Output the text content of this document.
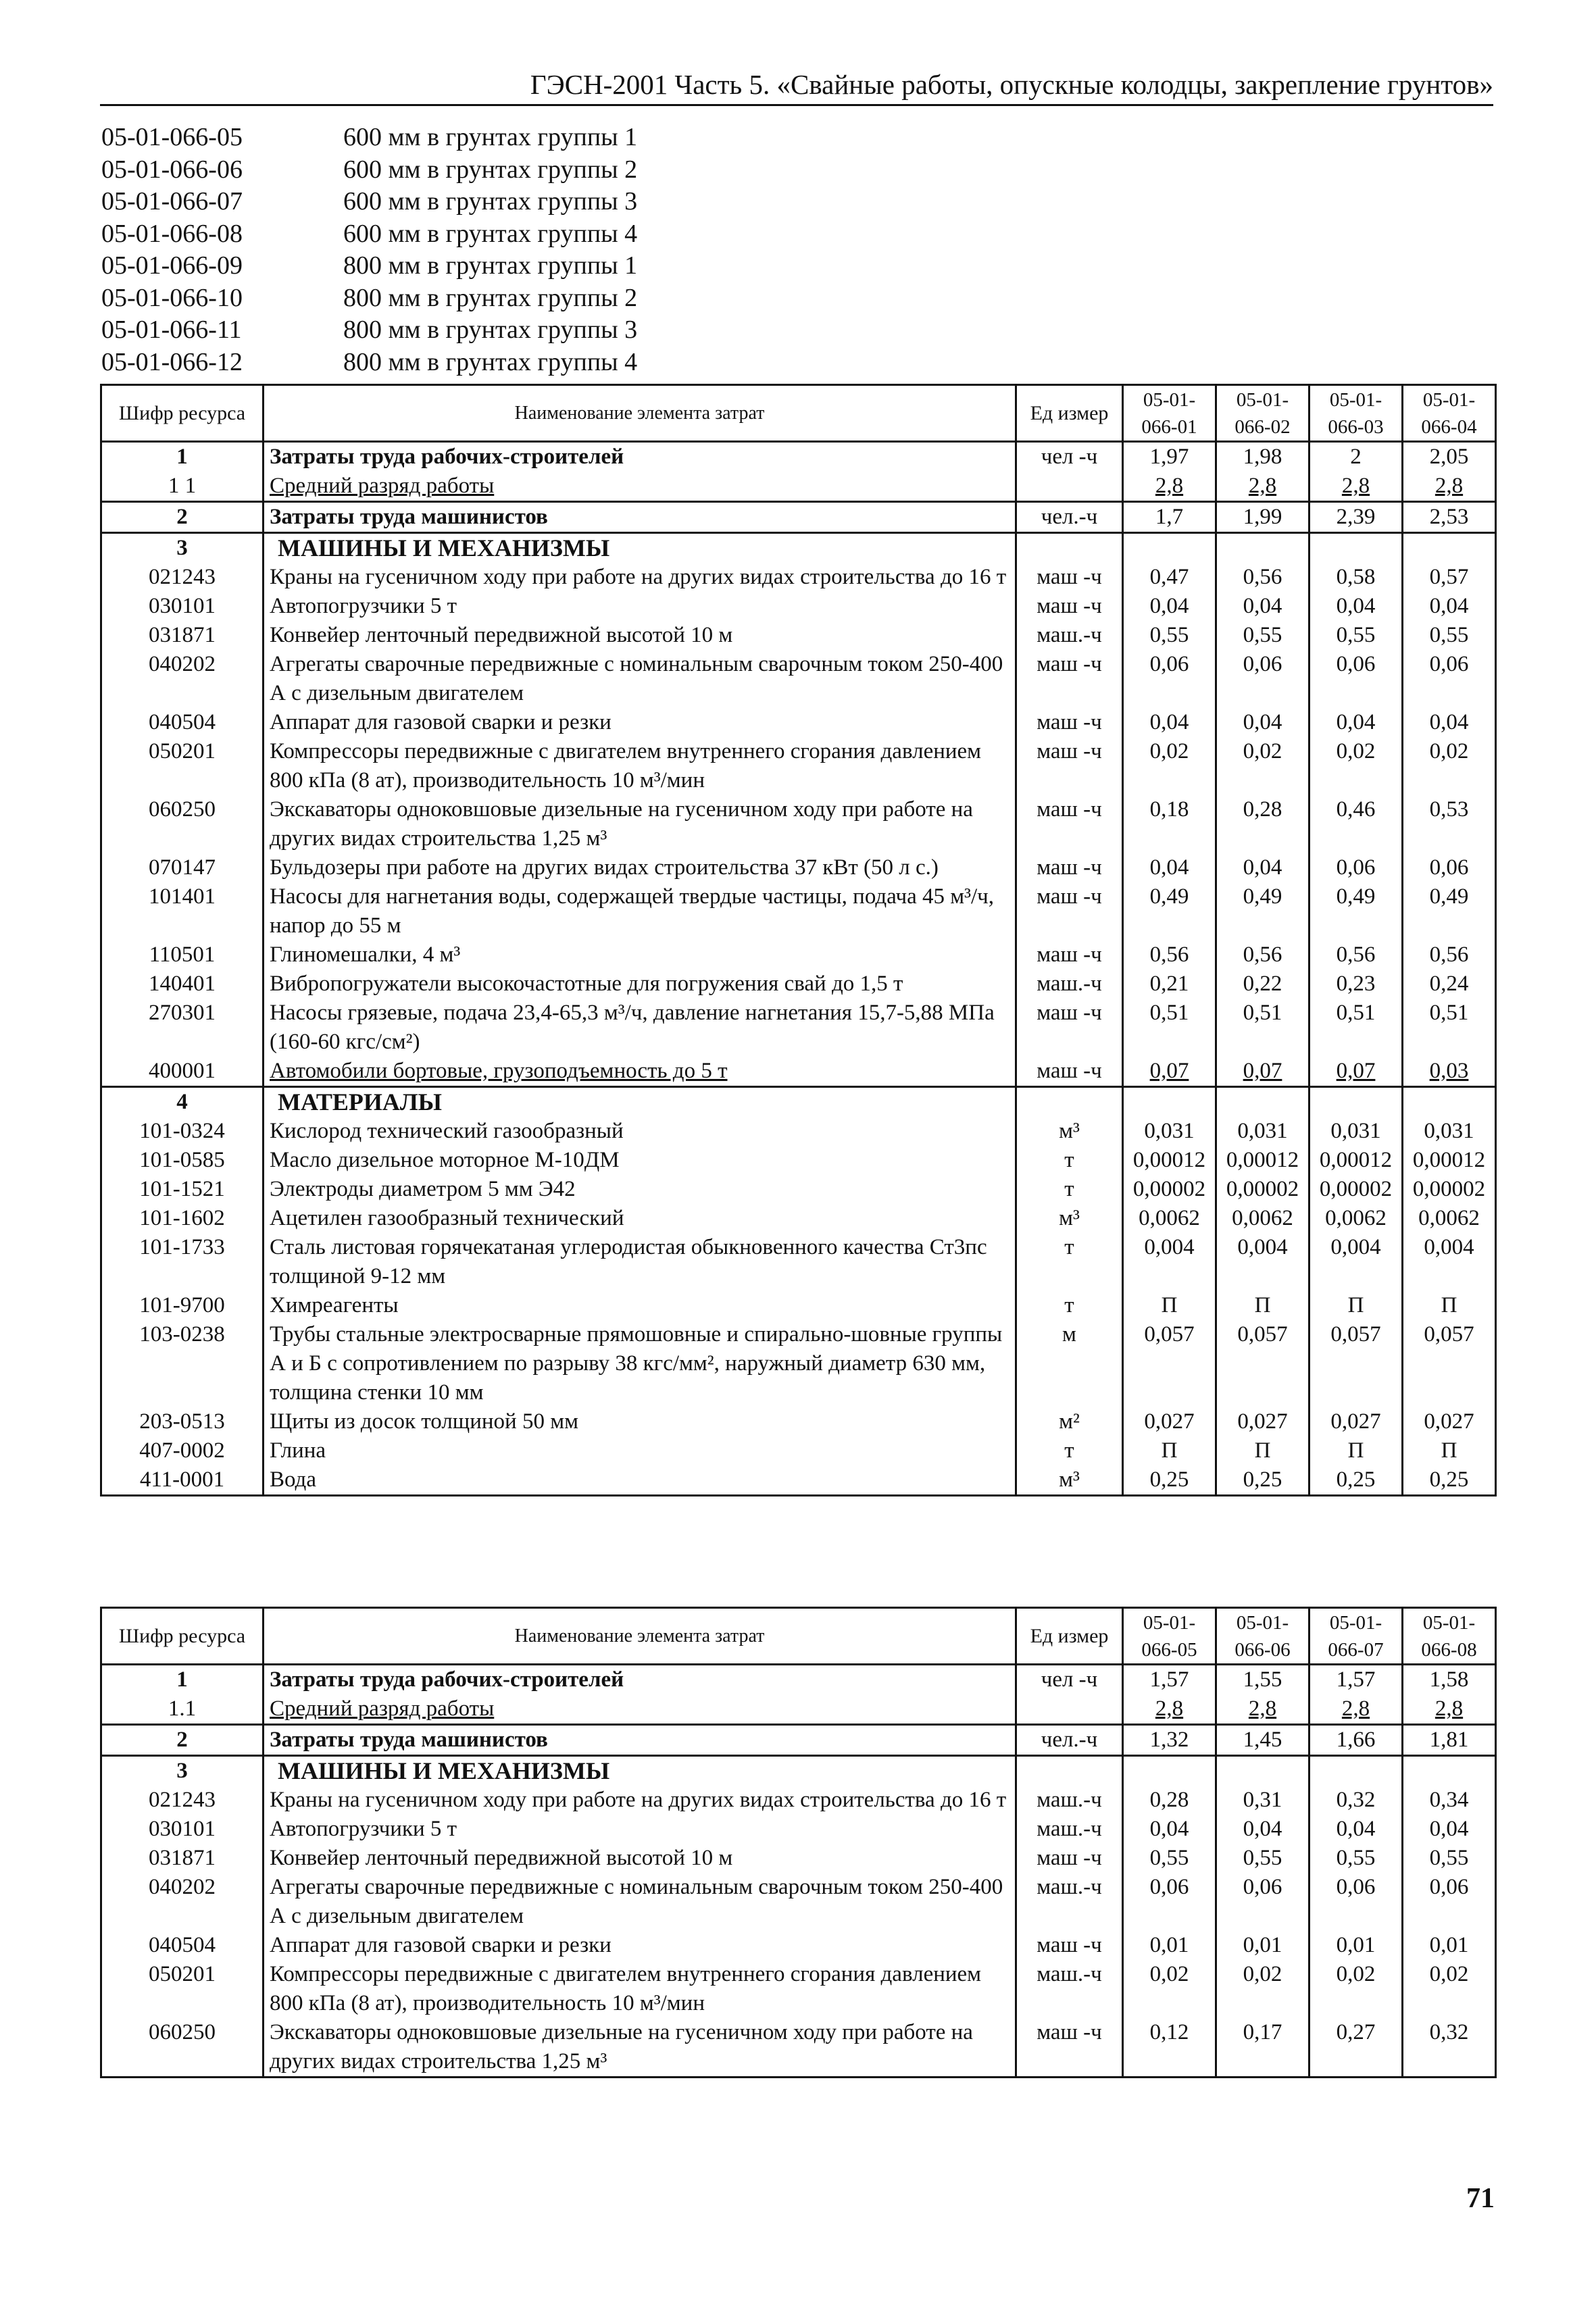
ГЭСН-2001 Часть 5. «Свайные работы, опускные колодцы, закрепление грунтов»
05-01-066-05	600 мм в грунтах группы 1
05-01-066-06	600 мм в грунтах группы 2
05-01-066-07	600 мм в грунтах группы 3
05-01-066-08	600 мм в грунтах группы 4
05-01-066-09	800 мм в грунтах группы 1
05-01-066-10	800 мм в грунтах группы 2
05-01-066-11	800 мм в грунтах группы 3
05-01-066-12	800 мм в грунтах группы 4
Шифр ресурса	Наименование элемента затрат	Ед измер	05-01-066-01	05-01-066-02	05-01-066-03	05-01-066-04
1	Затраты труда рабочих-строителей	чел -ч	1,97	1,98	2	2,05
1 1	Средний разряд работы		2,8	2,8	2,8	2,8
2	Затраты труда машинистов	чел.-ч	1,7	1,99	2,39	2,53
3	МАШИНЫ И МЕХАНИЗМЫ					
021243	Краны на гусеничном ходу при работе на других видах строительства до 16 т	маш -ч	0,47	0,56	0,58	0,57
030101	Автопогрузчики 5 т	маш -ч	0,04	0,04	0,04	0,04
031871	Конвейер ленточный передвижной высотой 10 м	маш.-ч	0,55	0,55	0,55	0,55
040202	Агрегаты сварочные передвижные с номинальным сварочным током 250-400 А с дизельным двигателем	маш -ч	0,06	0,06	0,06	0,06
040504	Аппарат для газовой сварки и резки	маш -ч	0,04	0,04	0,04	0,04
050201	Компрессоры передвижные с двигателем внутреннего сгорания давлением 800 кПа (8 ат), производительность 10 м³/мин	маш -ч	0,02	0,02	0,02	0,02
060250	Экскаваторы одноковшовые дизельные на гусеничном ходу при работе на других видах строительства 1,25 м³	маш -ч	0,18	0,28	0,46	0,53
070147	Бульдозеры при работе на других видах строительства 37 кВт (50 л с.)	маш -ч	0,04	0,04	0,06	0,06
101401	Насосы для нагнетания воды, содержащей твердые частицы, подача 45 м³/ч, напор до 55 м	маш -ч	0,49	0,49	0,49	0,49
110501	Глиномешалки, 4 м³	маш -ч	0,56	0,56	0,56	0,56
140401	Вибропогружатели высокочастотные для погружения свай до 1,5 т	маш.-ч	0,21	0,22	0,23	0,24
270301	Насосы грязевые, подача 23,4-65,3 м³/ч, давление нагнетания 15,7-5,88 МПа (160-60 кгс/см²)	маш -ч	0,51	0,51	0,51	0,51
400001	Автомобили бортовые, грузоподъемность до 5 т	маш -ч	0,07	0,07	0,07	0,03
4	МАТЕРИАЛЫ					
101-0324	Кислород технический газообразный	м³	0,031	0,031	0,031	0,031
101-0585	Масло дизельное моторное М-10ДМ	т	0,00012	0,00012	0,00012	0,00012
101-1521	Электроды диаметром 5 мм Э42	т	0,00002	0,00002	0,00002	0,00002
101-1602	Ацетилен газообразный технический	м³	0,0062	0,0062	0,0062	0,0062
101-1733	Сталь листовая горячекатаная углеродистая обыкновенного качества Ст3пс толщиной 9-12 мм	т	0,004	0,004	0,004	0,004
101-9700	Химреагенты	т	П	П	П	П
103-0238	Трубы стальные электросварные прямошовные и спирально-шовные группы А и Б с сопротивлением по разрыву 38 кгс/мм², наружный диаметр 630 мм, толщина стенки 10 мм	м	0,057	0,057	0,057	0,057
203-0513	Щиты из досок толщиной 50 мм	м²	0,027	0,027	0,027	0,027
407-0002	Глина	т	П	П	П	П
411-0001	Вода	м³	0,25	0,25	0,25	0,25
Шифр ресурса	Наименование элемента затрат	Ед измер	05-01-066-05	05-01-066-06	05-01-066-07	05-01-066-08
1	Затраты труда рабочих-строителей	чел -ч	1,57	1,55	1,57	1,58
1.1	Средний разряд работы		2,8	2,8	2,8	2,8
2	Затраты труда машинистов	чел.-ч	1,32	1,45	1,66	1,81
3	МАШИНЫ И МЕХАНИЗМЫ					
021243	Краны на гусеничном ходу при работе на других видах строительства до 16 т	маш.-ч	0,28	0,31	0,32	0,34
030101	Автопогрузчики 5 т	маш.-ч	0,04	0,04	0,04	0,04
031871	Конвейер ленточный передвижной высотой 10 м	маш -ч	0,55	0,55	0,55	0,55
040202	Агрегаты сварочные передвижные с номинальным сварочным током 250-400 А с дизельным двигателем	маш.-ч	0,06	0,06	0,06	0,06
040504	Аппарат для газовой сварки и резки	маш -ч	0,01	0,01	0,01	0,01
050201	Компрессоры передвижные с двигателем внутреннего сгорания давлением 800 кПа (8 ат), производительность 10 м³/мин	маш.-ч	0,02	0,02	0,02	0,02
060250	Экскаваторы одноковшовые дизельные на гусеничном ходу при работе на других видах строительства 1,25 м³	маш -ч	0,12	0,17	0,27	0,32
71
